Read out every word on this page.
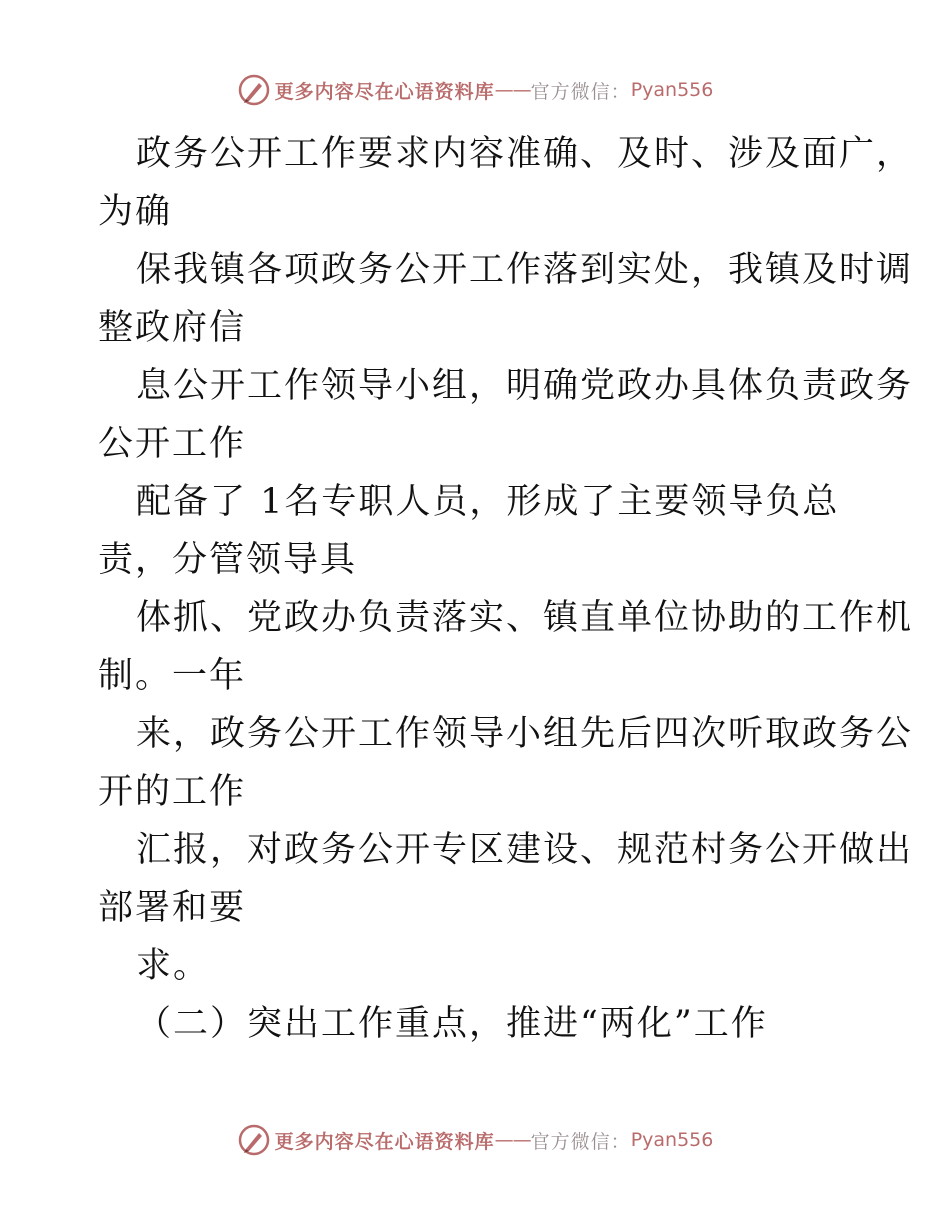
更多内容尽在心语资料库 —— 官方微信： Pyan556
政务公开工作要求内容准确、及时、涉及面广，
为确
保我镇各项政务公开工作落到实处，我镇及时调
整政府信
息公开工作领导小组，明确党政办具体负责政务
公开工作
配备了 1名专职人员，形成了主要领导负总
责，分管领导具
体抓、党政办负责落实、镇直单位协助的工作机
制。一年
来，政务公开工作领导小组先后四次听取政务公
开的工作
汇报，对政务公开专区建设、规范村务公开做出
部署和要
求。
（二）突出工作重点，推进“两化”工作
更多内容尽在心语资料库 —— 官方微信： Pyan556
